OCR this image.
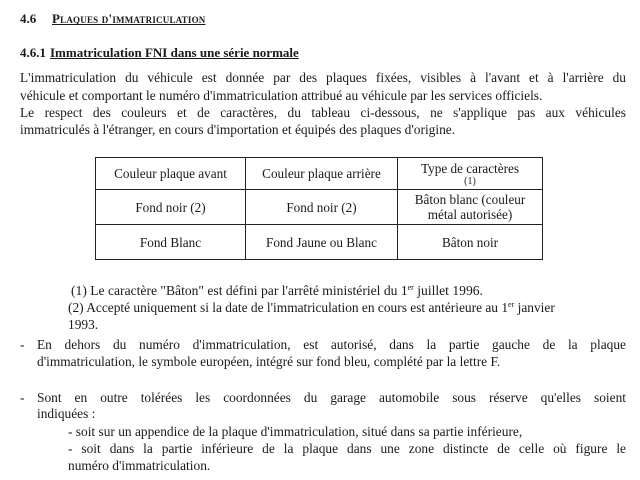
4.6 Plaques d'immatriculation
4.6.1 Immatriculation FNI dans une série normale
L'immatriculation du véhicule est donnée par des plaques fixées, visibles à l'avant et à l'arrière du
véhicule et comportant le numéro d'immatriculation attribué au véhicule par les services officiels.
Le respect des couleurs et de caractères, du tableau ci-dessous, ne s'applique pas aux véhicules
immatriculés à l'étranger, en cours d'importation et équipés des plaques d'origine.
Couleur plaque avant	Couleur plaque arrière	Type de caractères
(1)

Fond noir (2)	Fond noir (2)	Bâton blanc (couleur métal autorisée)
Fond Blanc	Fond Jaune ou Blanc	Bâton noir
(1) Le caractère "Bâton" est défini par l'arrêté ministériel du 1er juillet 1996.
(2) Accepté uniquement si la date de l'immatriculation en cours est antérieure au 1er janvier
1993.
- En dehors du numéro d'immatriculation, est autorisé, dans la partie gauche de la plaque
d'immatriculation, le symbole européen, intégré sur fond bleu, complété par la lettre F.
- Sont en outre tolérées les coordonnées du garage automobile sous réserve qu'elles soient
indiquées :
- soit sur un appendice de la plaque d'immatriculation, situé dans sa partie inférieure,
- soit dans la partie inférieure de la plaque dans une zone distincte de celle où figure le
numéro d'immatriculation.
